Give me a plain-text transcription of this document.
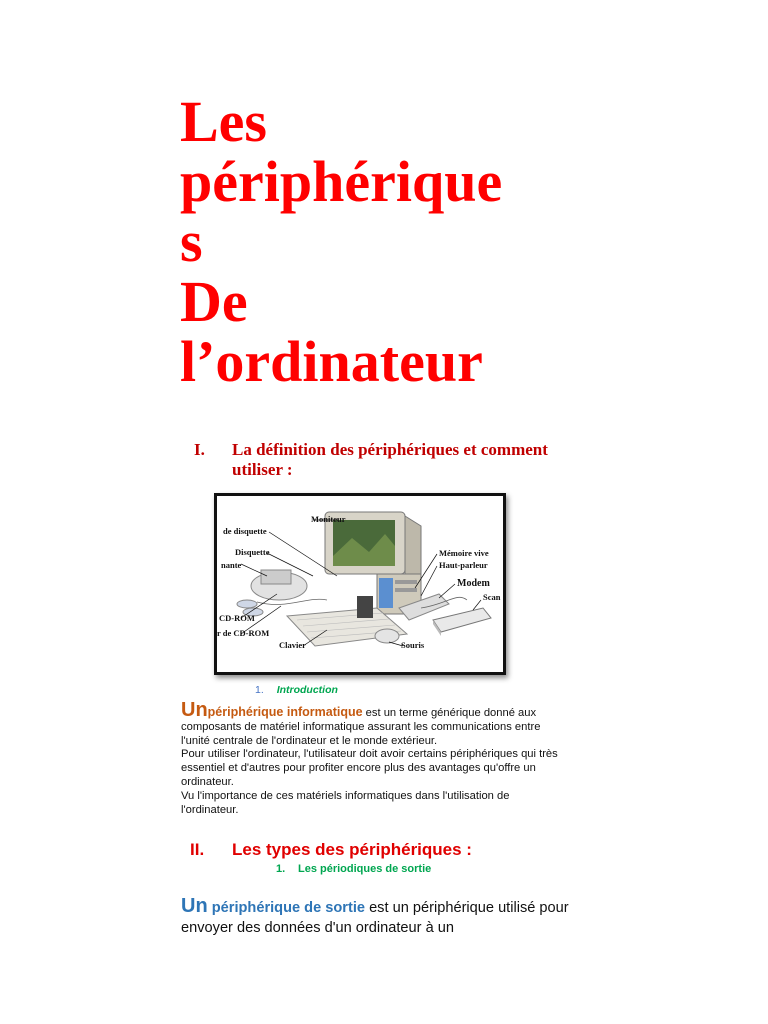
Les
périphérique
s
De
l’ordinateur
I. La définition des périphériques et comment utiliser :
Moniteur
de disquette
Disquette
nante
CD-ROM
r de CD-ROM
Clavier	Souris
Mémoire vive
Haut-parleur
Modem
Scan
1. Introduction
Unpériphérique informatique est un terme générique donné aux composants de matériel informatique assurant les communications entre l'unité centrale de l'ordinateur et le monde extérieur.
Pour utiliser l'ordinateur, l'utilisateur doit avoir certains périphériques qui très essentiel et d'autres pour profiter encore plus des avantages qu'offre un ordinateur.
Vu l'importance de ces matériels informatiques dans l'utilisation de l'ordinateur.
II. Les types des périphériques :
1. Les périodiques de sortie
Un périphérique de sortie est un périphérique utilisé pour envoyer des données d'un ordinateur à un
